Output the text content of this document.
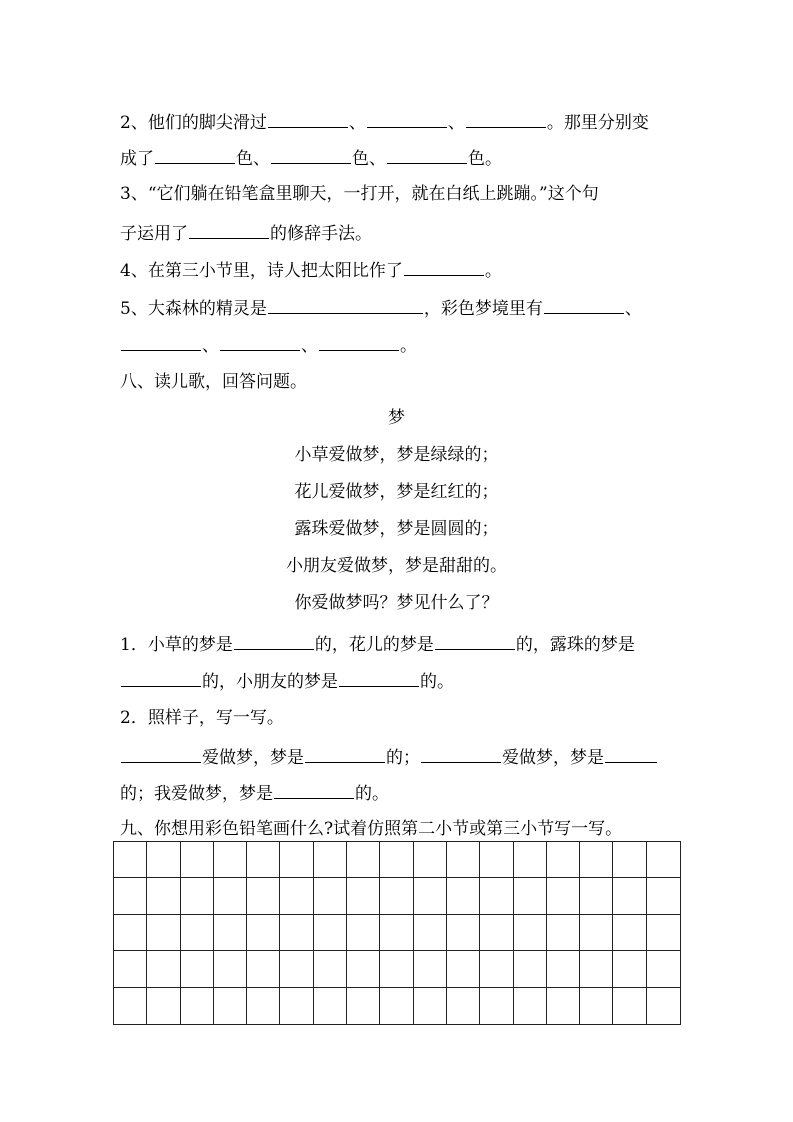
2、他们的脚尖滑过	、	、	。那里分别变
成了	色、	色、	色。
3、“它们躺在铅笔盒里聊天，一打开，就在白纸上跳蹦。”这个句
子运用了	的修辞手法。
4、在第三小节里，诗人把太阳比作了	。
5、大森林的精灵是	，彩色梦境里有	、
、	、	。
八、读儿歌，回答问题。
梦
小草爱做梦，梦是绿绿的；
花儿爱做梦，梦是红红的；
露珠爱做梦，梦是圆圆的；
小朋友爱做梦，梦是甜甜的。
你爱做梦吗？梦见什么了？
1．小草的梦是	的，花儿的梦是	的，露珠的梦是
的，小朋友的梦是	的。
2．照样子，写一写。
爱做梦，梦是	的；	爱做梦，梦是
的；我爱做梦，梦是	的。
九、你想用彩色铅笔画什么?试着仿照第二小节或第三小节写一写。
